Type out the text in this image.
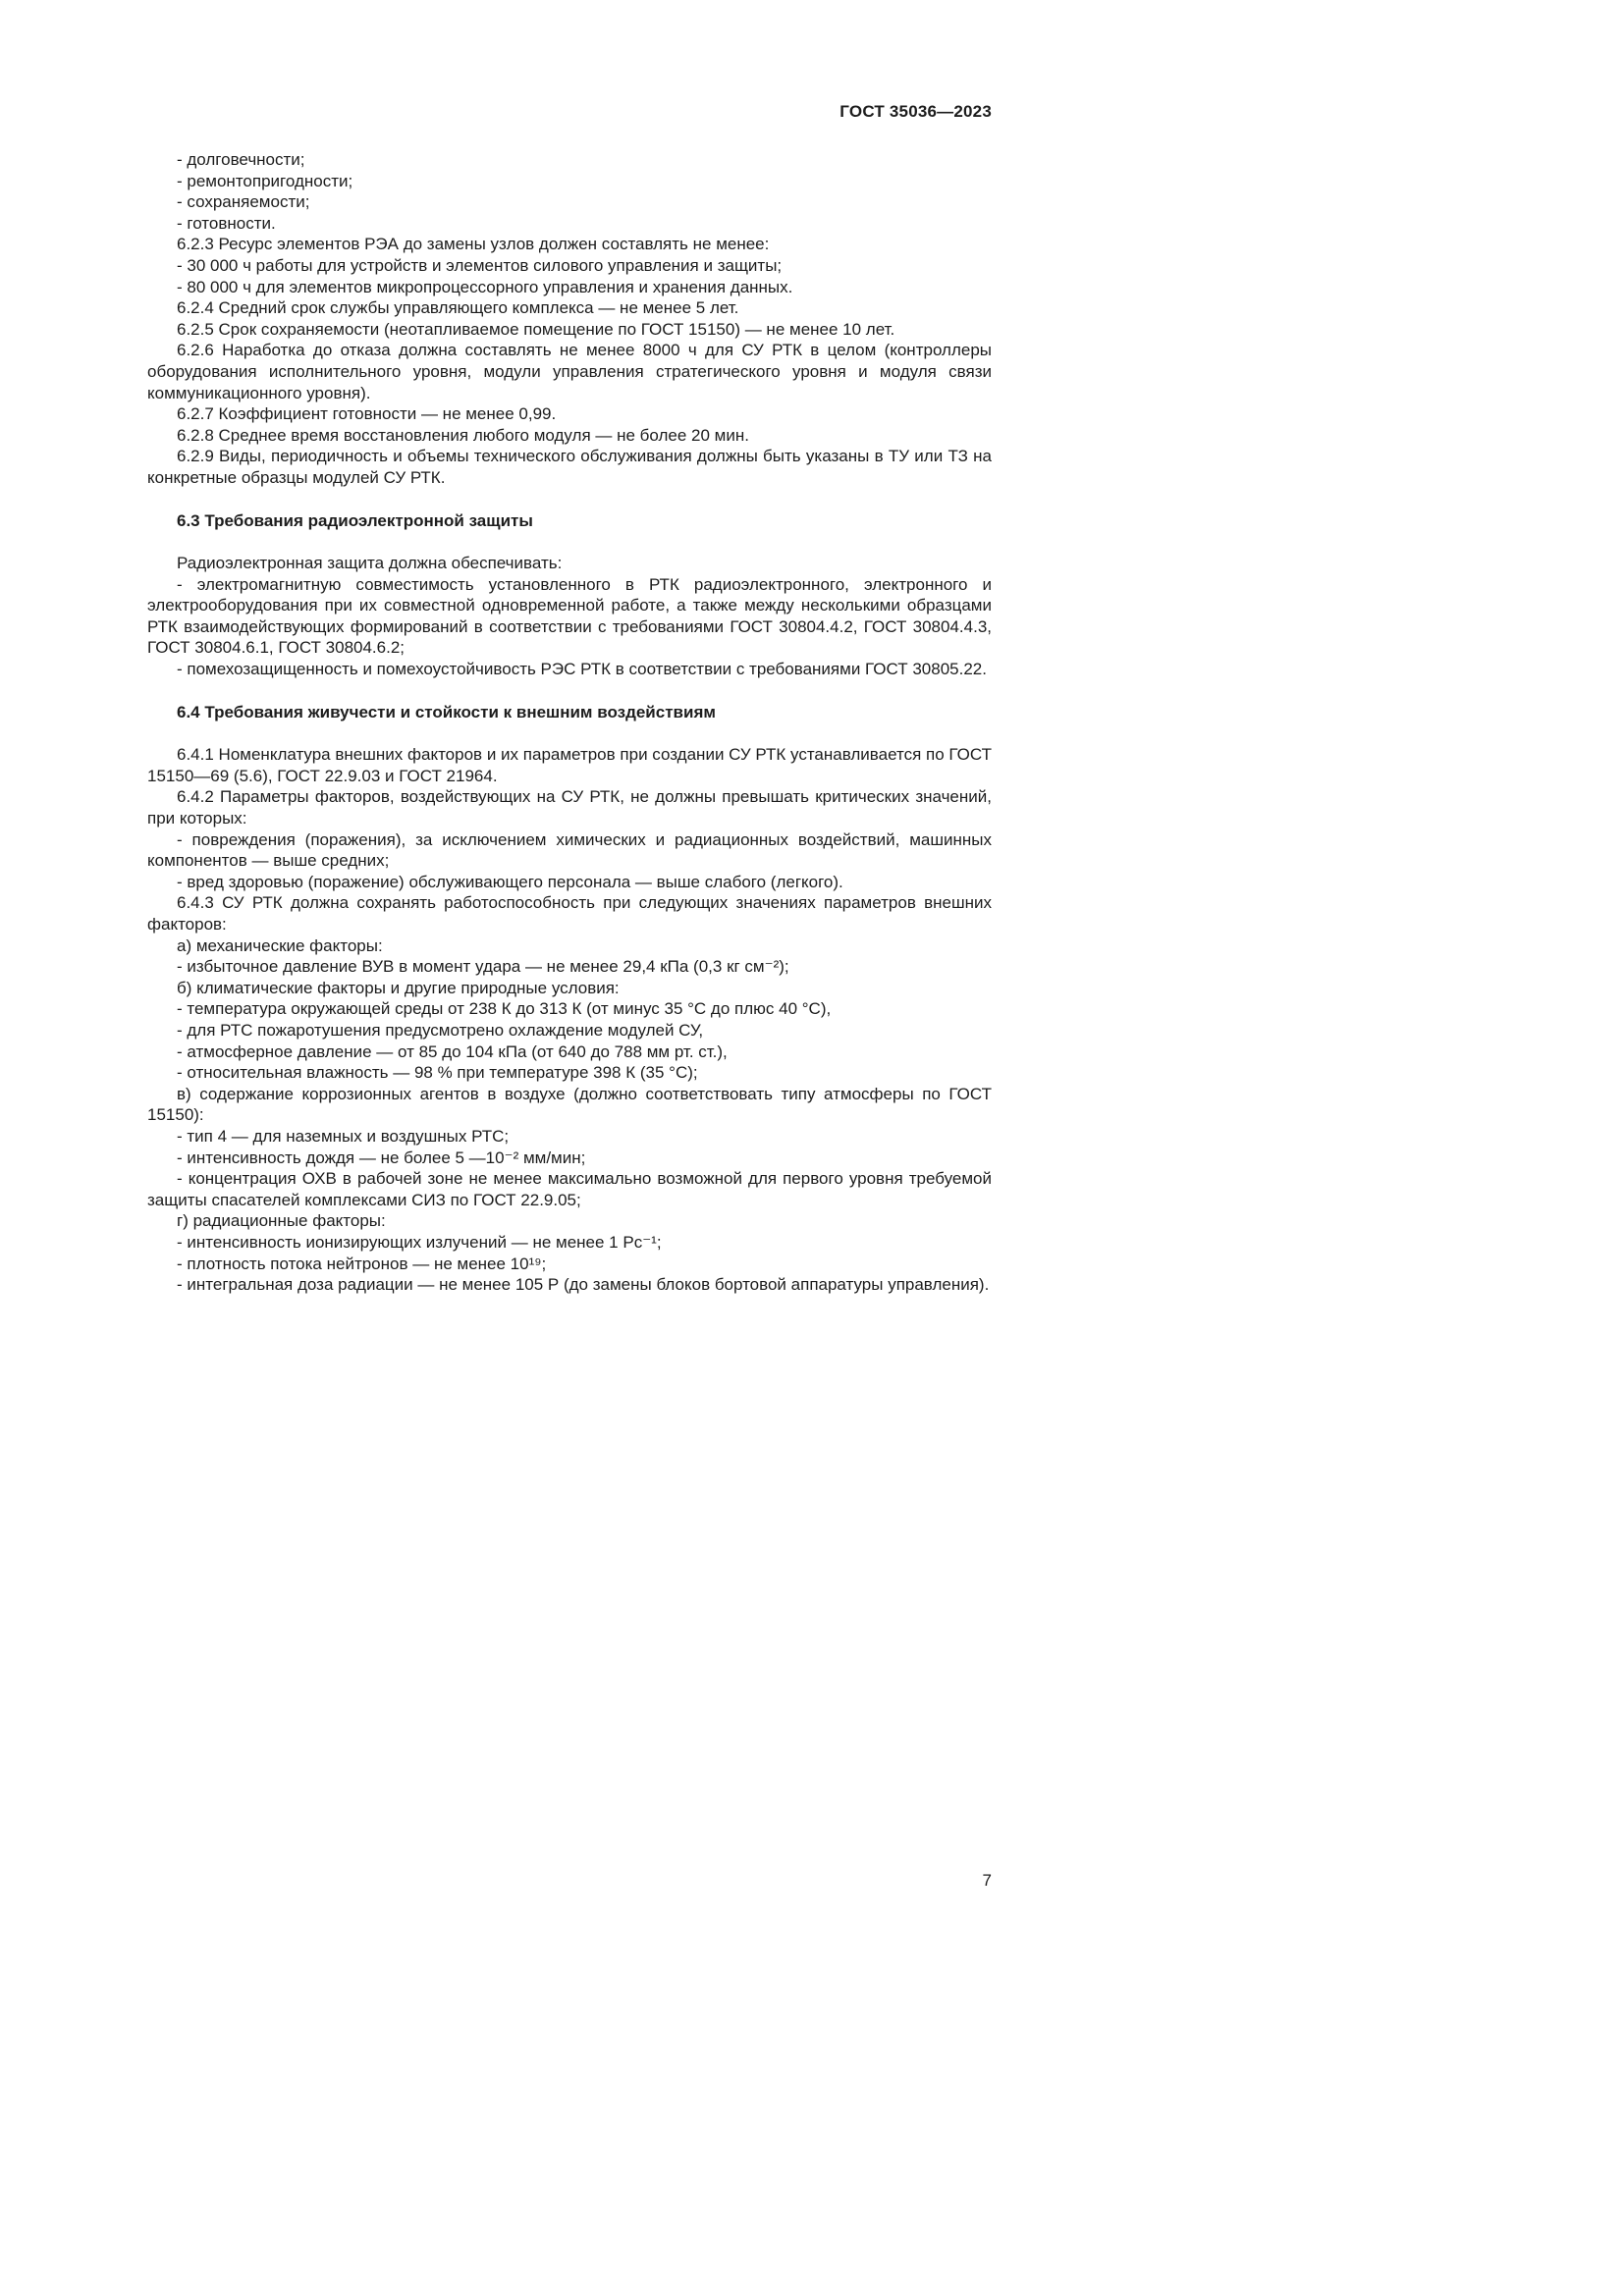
ГОСТ 35036—2023

- долговечности;

- ремонтопригодности;

- сохраняемости;

- готовности.

6.2.3 Ресурс элементов РЭА до замены узлов должен составлять не менее:

- 30 000 ч работы для устройств и элементов силового управления и защиты;

- 80 000 ч для элементов микропроцессорного управления и хранения данных.

6.2.4 Средний срок службы управляющего комплекса — не менее 5 лет.

6.2.5 Срок сохраняемости (неотапливаемое помещение по ГОСТ 15150) — не менее 10 лет.

6.2.6 Наработка до отказа должна составлять не менее 8000 ч для СУ РТК в целом (контроллеры оборудования исполнительного уровня, модули управления стратегического уровня и модуля связи коммуникационного уровня).

6.2.7 Коэффициент готовности — не менее 0,99.

6.2.8 Среднее время восстановления любого модуля — не более 20 мин.

6.2.9 Виды, периодичность и объемы технического обслуживания должны быть указаны в ТУ или ТЗ на конкретные образцы модулей СУ РТК.

6.3 Требования радиоэлектронной защиты

Радиоэлектронная защита должна обеспечивать:

- электромагнитную совместимость установленного в РТК радиоэлектронного, электронного и электрооборудования при их совместной одновременной работе, а также между несколькими образцами РТК взаимодействующих формирований в соответствии с требованиями ГОСТ 30804.4.2, ГОСТ 30804.4.3, ГОСТ 30804.6.1, ГОСТ 30804.6.2;

- помехозащищенность и помехоустойчивость РЭС РТК в соответствии с требованиями ГОСТ 30805.22.

6.4 Требования живучести и стойкости к внешним воздействиям

6.4.1 Номенклатура внешних факторов и их параметров при создании СУ РТК устанавливается по ГОСТ 15150—69 (5.6), ГОСТ 22.9.03 и ГОСТ 21964.

6.4.2 Параметры факторов, воздействующих на СУ РТК, не должны превышать критических значений, при которых:

- повреждения (поражения), за исключением химических и радиационных воздействий, машинных компонентов — выше средних;

- вред здоровью (поражение) обслуживающего персонала — выше слабого (легкого).

6.4.3 СУ РТК должна сохранять работоспособность при следующих значениях параметров внешних факторов:

а) механические факторы:

- избыточное давление ВУВ в момент удара — не менее 29,4 кПа (0,3 кг см⁻²);

б) климатические факторы и другие природные условия:

- температура окружающей среды от 238 К до 313 К (от минус 35 °С до плюс 40 °С),

- для РТС пожаротушения предусмотрено охлаждение модулей СУ,

- атмосферное давление — от 85 до 104 кПа (от 640 до 788 мм рт. ст.),

- относительная влажность — 98 % при температуре 398 К (35 °С);

в) содержание коррозионных агентов в воздухе (должно соответствовать типу атмосферы по ГОСТ 15150):

- тип 4 — для наземных и воздушных РТС;

- интенсивность дождя — не более 5 —10⁻² мм/мин;

- концентрация ОХВ в рабочей зоне не менее максимально возможной для первого уровня требуемой защиты спасателей комплексами СИЗ по ГОСТ 22.9.05;

г) радиационные факторы:

- интенсивность ионизирующих излучений — не менее 1 Рс⁻¹;

- плотность потока нейтронов — не менее 10¹⁹;

- интегральная доза радиации — не менее 105 Р (до замены блоков бортовой аппаратуры управления).

7
